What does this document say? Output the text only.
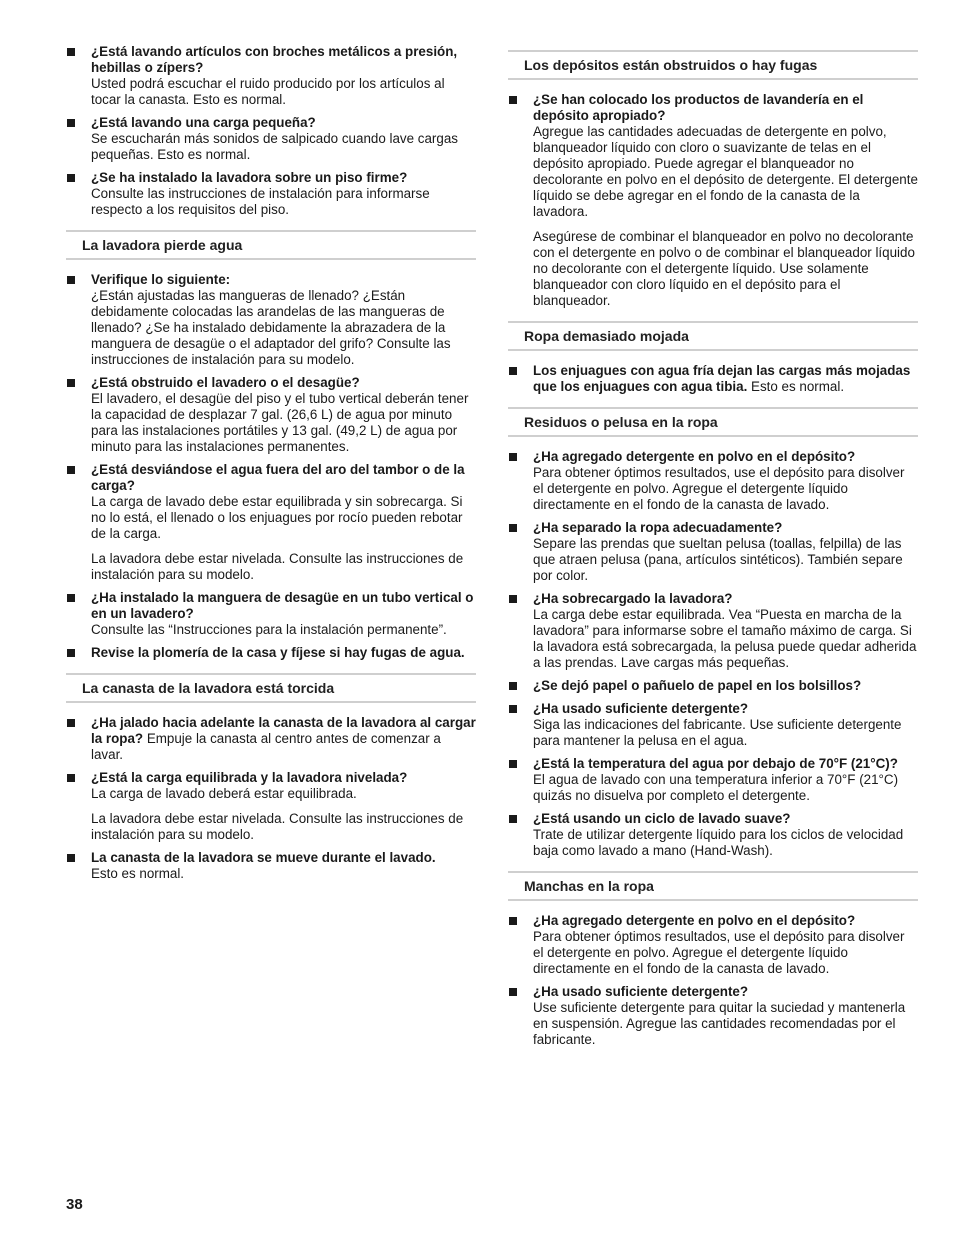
¿Está lavando artículos con broches metálicos a presión, hebillas o zípers?
Usted podrá escuchar el ruido producido por los artículos al tocar la canasta. Esto es normal.
¿Está lavando una carga pequeña?
Se escucharán más sonidos de salpicado cuando lave cargas pequeñas. Esto es normal.
¿Se ha instalado la lavadora sobre un piso firme?
Consulte las instrucciones de instalación para informarse respecto a los requisitos del piso.
La lavadora pierde agua
Verifique lo siguiente:
¿Están ajustadas las mangueras de llenado? ¿Están debidamente colocadas las arandelas de las mangueras de llenado? ¿Se ha instalado debidamente la abrazadera de la manguera de desagüe o el adaptador del grifo? Consulte las instrucciones de instalación para su modelo.
¿Está obstruido el lavadero o el desagüe?
El lavadero, el desagüe del piso y el tubo vertical deberán tener la capacidad de desplazar 7 gal. (26,6 L) de agua por minuto para las instalaciones portátiles y 13 gal. (49,2 L) de agua por minuto para las instalaciones permanentes.
¿Está desviándose el agua fuera del aro del tambor o de la carga?
La carga de lavado debe estar equilibrada y sin sobrecarga. Si no lo está, el llenado o los enjuagues por rocío pueden rebotar de la carga.
La lavadora debe estar nivelada. Consulte las instrucciones de instalación para su modelo.
¿Ha instalado la manguera de desagüe en un tubo vertical o en un lavadero?
Consulte las “Instrucciones para la instalación permanente”.
Revise la plomería de la casa y fíjese si hay fugas de agua.
La canasta de la lavadora está torcida
¿Ha jalado hacia adelante la canasta de la lavadora al cargar la ropa? Empuje la canasta al centro antes de comenzar a lavar.
¿Está la carga equilibrada y la lavadora nivelada?
La carga de lavado deberá estar equilibrada.
La lavadora debe estar nivelada. Consulte las instrucciones de instalación para su modelo.
La canasta de la lavadora se mueve durante el lavado.
Esto es normal.
Los depósitos están obstruidos o hay fugas
¿Se han colocado los productos de lavandería en el depósito apropiado?
Agregue las cantidades adecuadas de detergente en polvo, blanqueador líquido con cloro o suavizante de telas en el depósito apropiado. Puede agregar el blanqueador no decolorante en polvo en el depósito de detergente. El detergente líquido se debe agregar en el fondo de la canasta de la lavadora.
Asegúrese de combinar el blanqueador en polvo no decolorante con el detergente en polvo o de combinar el blanqueador líquido no decolorante con el detergente líquido. Use solamente blanqueador con cloro líquido en el depósito para el blanqueador.
Ropa demasiado mojada
Los enjuagues con agua fría dejan las cargas más mojadas que los enjuagues con agua tibia. Esto es normal.
Residuos o pelusa en la ropa
¿Ha agregado detergente en polvo en el depósito?
Para obtener óptimos resultados, use el depósito para disolver el detergente en polvo. Agregue el detergente líquido directamente en el fondo de la canasta de lavado.
¿Ha separado la ropa adecuadamente?
Separe las prendas que sueltan pelusa (toallas, felpilla) de las que atraen pelusa (pana, artículos sintéticos). También separe por color.
¿Ha sobrecargado la lavadora?
La carga debe estar equilibrada. Vea “Puesta en marcha de la lavadora” para informarse sobre el tamaño máximo de carga. Si la lavadora está sobrecargada, la pelusa puede quedar adherida a las prendas. Lave cargas más pequeñas.
¿Se dejó papel o pañuelo de papel en los bolsillos?
¿Ha usado suficiente detergente?
Siga las indicaciones del fabricante. Use suficiente detergente para mantener la pelusa en el agua.
¿Está la temperatura del agua por debajo de 70°F (21°C)?
El agua de lavado con una temperatura inferior a 70°F (21°C) quizás no disuelva por completo el detergente.
¿Está usando un ciclo de lavado suave?
Trate de utilizar detergente líquido para los ciclos de velocidad baja como lavado a mano (Hand-Wash).
Manchas en la ropa
¿Ha agregado detergente en polvo en el depósito?
Para obtener óptimos resultados, use el depósito para disolver el detergente en polvo. Agregue el detergente líquido directamente en el fondo de la canasta de lavado.
¿Ha usado suficiente detergente?
Use suficiente detergente para quitar la suciedad y mantenerla en suspensión. Agregue las cantidades recomendadas por el fabricante.
38
